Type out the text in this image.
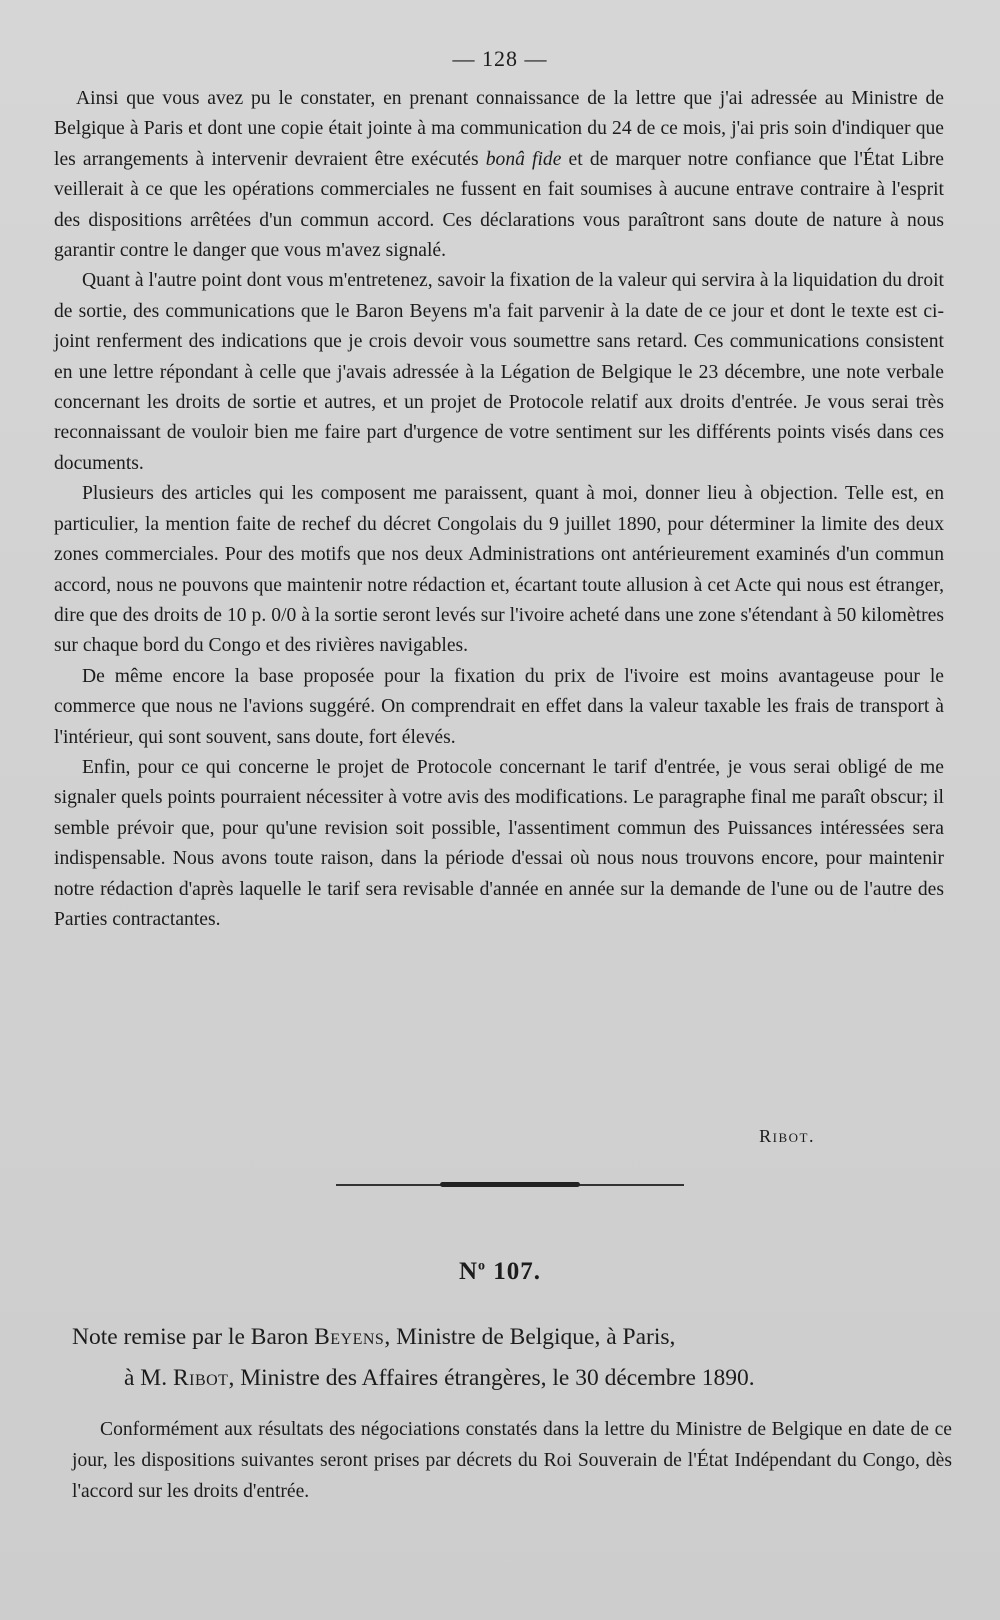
— 128 —

Ainsi que vous avez pu le constater, en prenant connaissance de la lettre que j'ai adressée au Ministre de Belgique à Paris et dont une copie était jointe à ma communication du 24 de ce mois, j'ai pris soin d'indiquer que les arrangements à intervenir devraient être exécutés bonâ fide et de marquer notre confiance que l'État Libre veillerait à ce que les opérations commerciales ne fussent en fait soumises à aucune entrave contraire à l'esprit des dispositions arrêtées d'un commun accord. Ces déclarations vous paraîtront sans doute de nature à nous garantir contre le danger que vous m'avez signalé.

Quant à l'autre point dont vous m'entretenez, savoir la fixation de la valeur qui servira à la liquidation du droit de sortie, des communications que le Baron Beyens m'a fait parvenir à la date de ce jour et dont le texte est ci-joint renferment des indications que je crois devoir vous soumettre sans retard. Ces communications consistent en une lettre répondant à celle que j'avais adressée à la Légation de Belgique le 23 décembre, une note verbale concernant les droits de sortie et autres, et un projet de Protocole relatif aux droits d'entrée. Je vous serai très reconnaissant de vouloir bien me faire part d'urgence de votre sentiment sur les différents points visés dans ces documents.

Plusieurs des articles qui les composent me paraissent, quant à moi, donner lieu à objection. Telle est, en particulier, la mention faite de rechef du décret Congolais du 9 juillet 1890, pour déterminer la limite des deux zones commerciales. Pour des motifs que nos deux Administrations ont antérieurement examinés d'un commun accord, nous ne pouvons que maintenir notre rédaction et, écartant toute allusion à cet Acte qui nous est étranger, dire que des droits de 10 p. 0/0 à la sortie seront levés sur l'ivoire acheté dans une zone s'étendant à 50 kilomètres sur chaque bord du Congo et des rivières navigables.

De même encore la base proposée pour la fixation du prix de l'ivoire est moins avantageuse pour le commerce que nous ne l'avions suggéré. On comprendrait en effet dans la valeur taxable les frais de transport à l'intérieur, qui sont souvent, sans doute, fort élevés.

Enfin, pour ce qui concerne le projet de Protocole concernant le tarif d'entrée, je vous serai obligé de me signaler quels points pourraient nécessiter à votre avis des modifications. Le paragraphe final me paraît obscur; il semble prévoir que, pour qu'une revision soit possible, l'assentiment commun des Puissances intéressées sera indispensable. Nous avons toute raison, dans la période d'essai où nous nous trouvons encore, pour maintenir notre rédaction d'après laquelle le tarif sera revisable d'année en année sur la demande de l'une ou de l'autre des Parties contractantes.

Ribot.
$N^o$ 107.
Note remise par le Baron Beyens, Ministre de Belgique, à Paris,
à M. Ribot, Ministre des Affaires étrangères, le 30 décembre 1890.

Conformément aux résultats des négociations constatés dans la lettre du Ministre de Belgique en date de ce jour, les dispositions suivantes seront prises par décrets du Roi Souverain de l'État Indépendant du Congo, dès l'accord sur les droits d'entrée.
